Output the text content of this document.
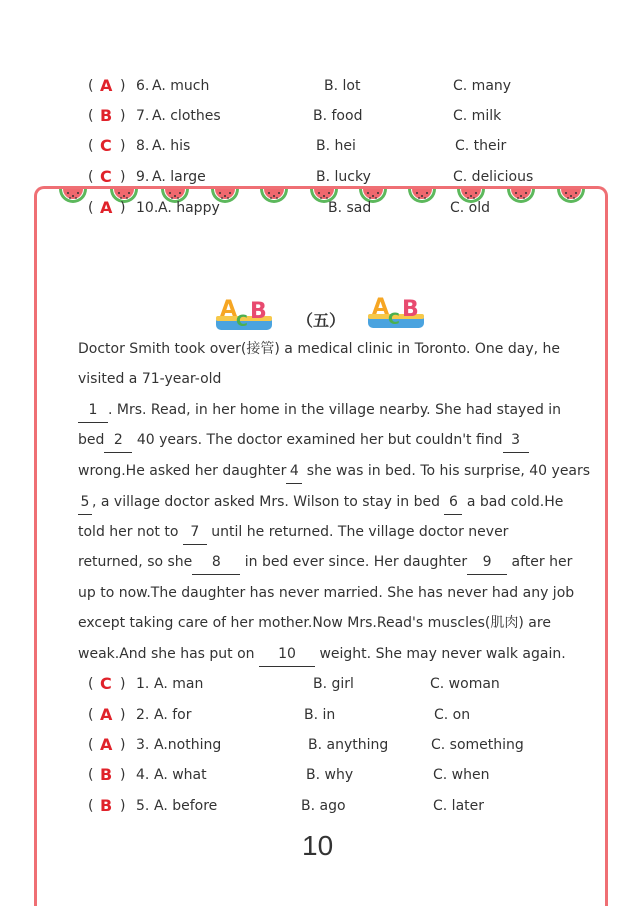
( A ) 6. A. much	B. lot	C. many
( B ) 7. A. clothes	B. food	C. milk
( C ) 8. A. his	B. hei	C. their
( C ) 9. A. large	B. lucky	C. delicious
( A ) 10. A. happy	B. sad	C. old
A
C B （五）
A
C B
Doctor Smith took over(接管) a medical clinic in Toronto. One day, he
visited a 71-year-old
1 . Mrs. Read, in her home in the village nearby. She had stayed in
bed 2 40 years. The doctor examined her but couldn't find 3
wrong.He asked her daughter 4 she was in bed. To his surprise, 40 years
5 , a village doctor asked Mrs. Wilson to stay in bed 6 a bad cold.He
told her not to 7 until he returned. The village doctor never
returned, so she 8 in bed ever since. Her daughter 9 after her
up to now.The daughter has never married. She has never had any job
except taking care of her mother.Now Mrs.Read's muscles(肌肉) are
weak.And she has put on 10 weight. She may never walk again.
( C ) 1. A. man	B. girl	C. woman
( A ) 2. A. for	B. in	C. on
( A ) 3. A.nothing	B. anything	C. something
( B ) 4. A. what	B. why	C. when
( B ) 5. A. before	B. ago	C. later
10
